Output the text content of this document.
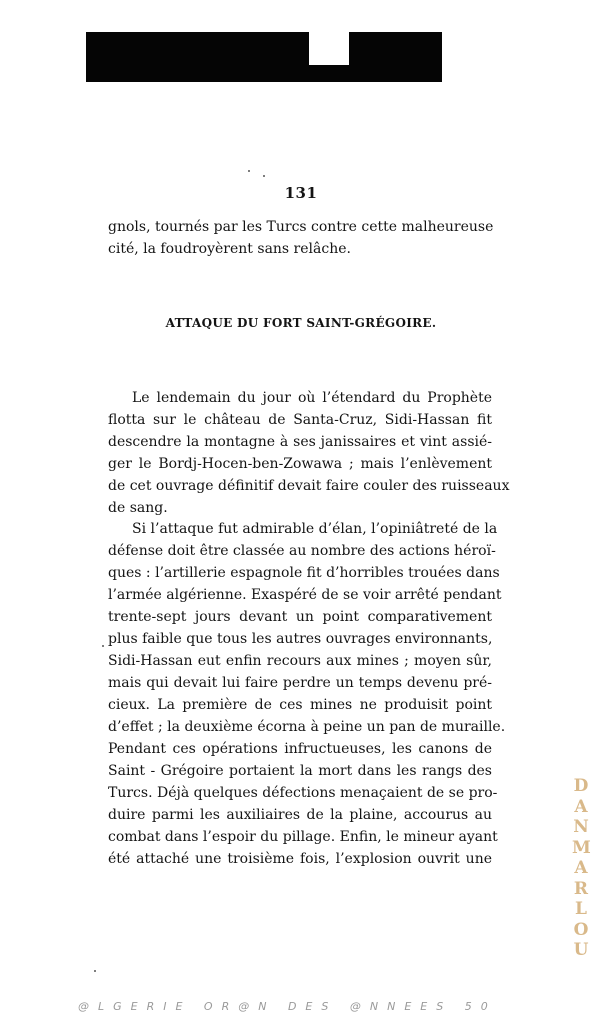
131
gnols, tournés par les Turcs contre cette malheureuse
cité, la foudroyèrent sans relâche.
ATTAQUE DU FORT SAINT-GRÉGOIRE.
Le lendemain du jour où l’étendard du Prophète
flotta sur le château de Santa-Cruz, Sidi-Hassan fit
descendre la montagne à ses janissaires et vint assié-
ger le Bordj-Hocen-ben-Zowawa ; mais l’enlèvement
de cet ouvrage définitif devait faire couler des ruisseaux
de sang.
Si l’attaque fut admirable d’élan, l’opiniâtreté de la
défense doit être classée au nombre des actions héroï-
ques : l’artillerie espagnole fit d’horribles trouées dans
l’armée algérienne. Exaspéré de se voir arrêté pendant
trente-sept jours devant un point comparativement
plus faible que tous les autres ouvrages environnants,
Sidi-Hassan eut enfin recours aux mines ; moyen sûr,
mais qui devait lui faire perdre un temps devenu pré-
cieux. La première de ces mines ne produisit point
d’effet ; la deuxième écorna à peine un pan de muraille.
Pendant ces opérations infructueuses, les canons de
Saint - Grégoire portaient la mort dans les rangs des
Turcs. Déjà quelques défections menaçaient de se pro-
duire parmi les auxiliaires de la plaine, accourus au
combat dans l’espoir du pillage. Enfin, le mineur ayant
été attaché une troisième fois, l’explosion ouvrit une
D
A
N
M
A
R
L
O
U
@LGERIE OR@N DES @NNEES 50
